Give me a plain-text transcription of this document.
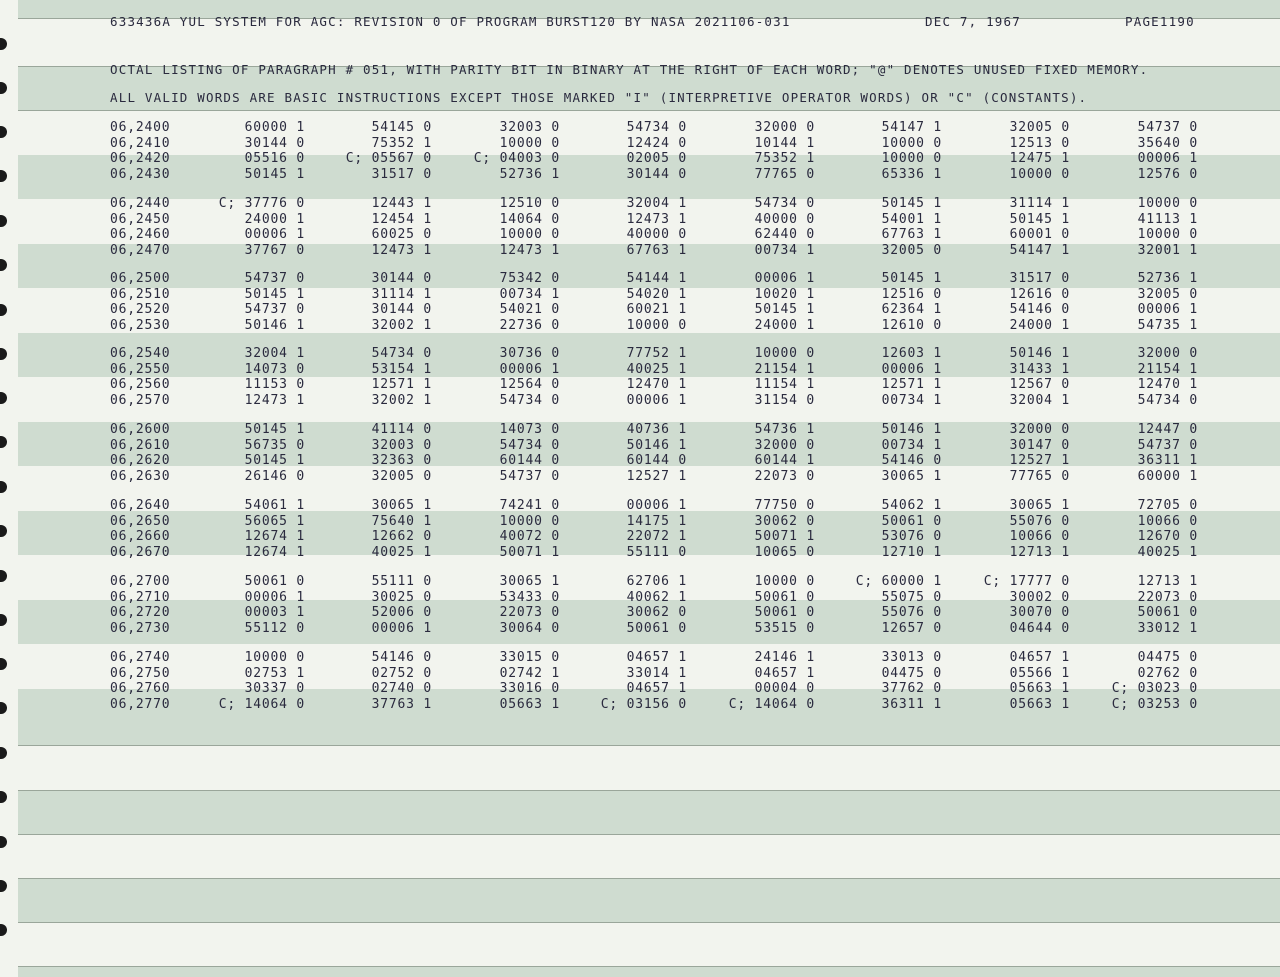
633436A YUL SYSTEM FOR AGC: REVISION 0 OF PROGRAM BURST120 BY NASA 2021106-031	DEC 7, 1967	PAGE1190
OCTAL LISTING OF PARAGRAPH # 051, WITH PARITY BIT IN BINARY AT THE RIGHT OF EACH WORD; "@" DENOTES UNUSED FIXED MEMORY.
ALL VALID WORDS ARE BASIC INSTRUCTIONS EXCEPT THOSE MARKED "I" (INTERPRETIVE OPERATOR WORDS) OR "C" (CONSTANTS).
06,2400	60000 1	54145 0	32003 0	54734 0	32000 0	54147 1	32005 0	54737 0
06,2410	30144 0	75352 1	10000 0	12424 0	10144 1	10000 0	12513 0	35640 0
06,2420	05516 0	C; 05567 0	C; 04003 0	02005 0	75352 1	10000 0	12475 1	00006 1
06,2430	50145 1	31517 0	52736 1	30144 0	77765 0	65336 1	10000 0	12576 0
06,2440	C; 37776 0	12443 1	12510 0	32004 1	54734 0	50145 1	31114 1	10000 0
06,2450	24000 1	12454 1	14064 0	12473 1	40000 0	54001 1	50145 1	41113 1
06,2460	00006 1	60025 0	10000 0	40000 0	62440 0	67763 1	60001 0	10000 0
06,2470	37767 0	12473 1	12473 1	67763 1	00734 1	32005 0	54147 1	32001 1
06,2500	54737 0	30144 0	75342 0	54144 1	00006 1	50145 1	31517 0	52736 1
06,2510	50145 1	31114 1	00734 1	54020 1	10020 1	12516 0	12616 0	32005 0
06,2520	54737 0	30144 0	54021 0	60021 1	50145 1	62364 1	54146 0	00006 1
06,2530	50146 1	32002 1	22736 0	10000 0	24000 1	12610 0	24000 1	54735 1
06,2540	32004 1	54734 0	30736 0	77752 1	10000 0	12603 1	50146 1	32000 0
06,2550	14073 0	53154 1	00006 1	40025 1	21154 1	00006 1	31433 1	21154 1
06,2560	11153 0	12571 1	12564 0	12470 1	11154 1	12571 1	12567 0	12470 1
06,2570	12473 1	32002 1	54734 0	00006 1	31154 0	00734 1	32004 1	54734 0
06,2600	50145 1	41114 0	14073 0	40736 1	54736 1	50146 1	32000 0	12447 0
06,2610	56735 0	32003 0	54734 0	50146 1	32000 0	00734 1	30147 0	54737 0
06,2620	50145 1	32363 0	60144 0	60144 0	60144 1	54146 0	12527 1	36311 1
06,2630	26146 0	32005 0	54737 0	12527 1	22073 0	30065 1	77765 0	60000 1
06,2640	54061 1	30065 1	74241 0	00006 1	77750 0	54062 1	30065 1	72705 0
06,2650	56065 1	75640 1	10000 0	14175 1	30062 0	50061 0	55076 0	10066 0
06,2660	12674 1	12662 0	40072 0	22072 1	50071 1	53076 0	10066 0	12670 0
06,2670	12674 1	40025 1	50071 1	55111 0	10065 0	12710 1	12713 1	40025 1
06,2700	50061 0	55111 0	30065 1	62706 1	10000 0	C; 60000 1	C; 17777 0	12713 1
06,2710	00006 1	30025 0	53433 0	40062 1	50061 0	55075 0	30002 0	22073 0
06,2720	00003 1	52006 0	22073 0	30062 0	50061 0	55076 0	30070 0	50061 0
06,2730	55112 0	00006 1	30064 0	50061 0	53515 0	12657 0	04644 0	33012 1
06,2740	10000 0	54146 0	33015 0	04657 1	24146 1	33013 0	04657 1	04475 0
06,2750	02753 1	02752 0	02742 1	33014 1	04657 1	04475 0	05566 1	02762 0
06,2760	30337 0	02740 0	33016 0	04657 1	00004 0	37762 0	05663 1	C; 03023 0
06,2770	C; 14064 0	37763 1	05663 1	C; 03156 0	C; 14064 0	36311 1	05663 1	C; 03253 0
